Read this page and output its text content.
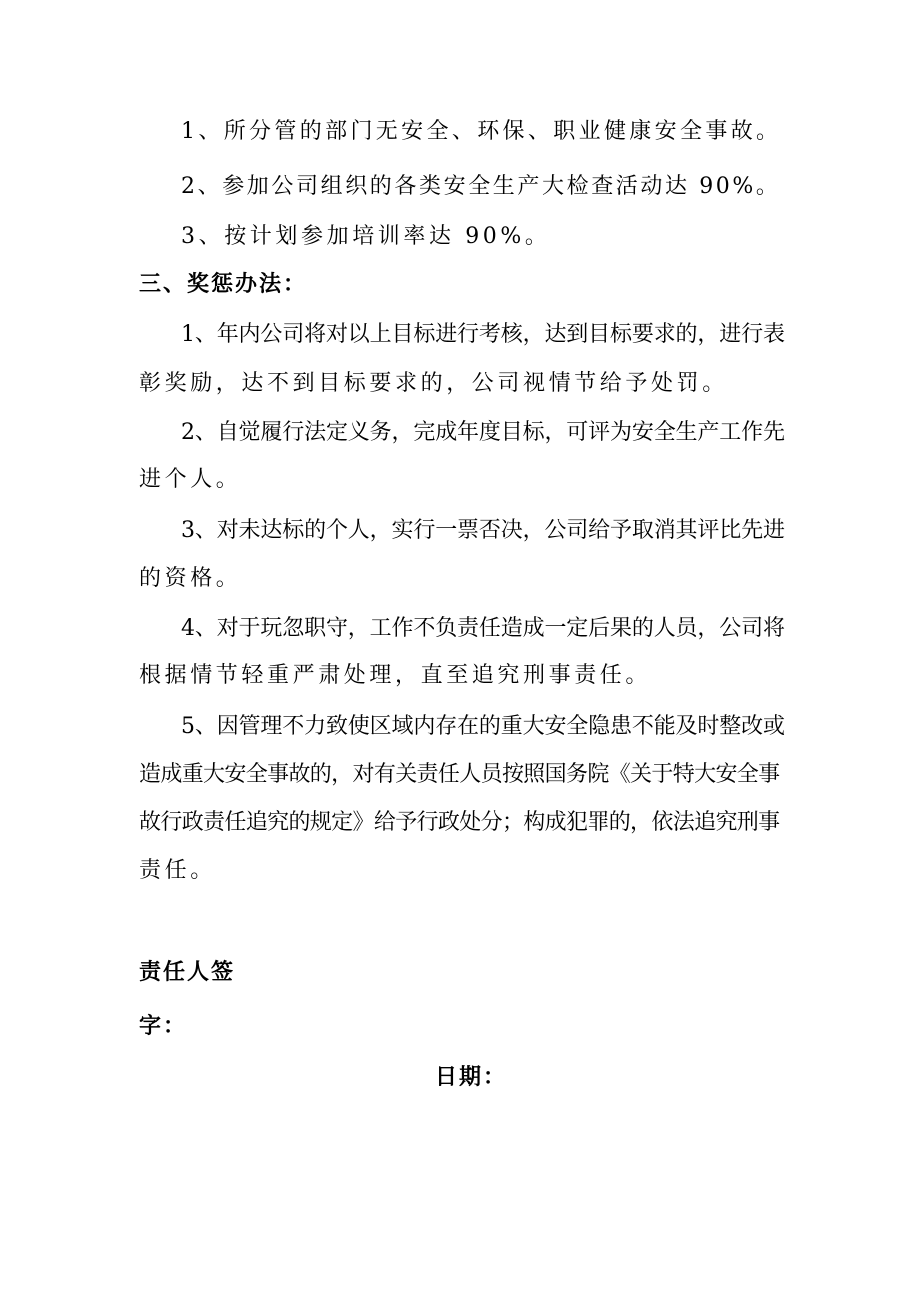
1、所分管的部门无安全、环保、职业健康安全事故。
2、参加公司组织的各类安全生产大检查活动达 90%。
3、按计划参加培训率达 90%。
三、奖惩办法：
1、年内公司将对以上目标进行考核，达到目标要求的，进行表
彰奖励，达不到目标要求的，公司视情节给予处罚。
2、自觉履行法定义务，完成年度目标，可评为安全生产工作先
进个人。
3、对未达标的个人，实行一票否决，公司给予取消其评比先进
的资格。
4、对于玩忽职守，工作不负责任造成一定后果的人员，公司将
根据情节轻重严肃处理，直至追究刑事责任。
5、因管理不力致使区域内存在的重大安全隐患不能及时整改或
造成重大安全事故的，对有关责任人员按照国务院《关于特大安全事
故行政责任追究的规定》给予行政处分；构成犯罪的，依法追究刑事
责任。
责任人签
字：
日期：
